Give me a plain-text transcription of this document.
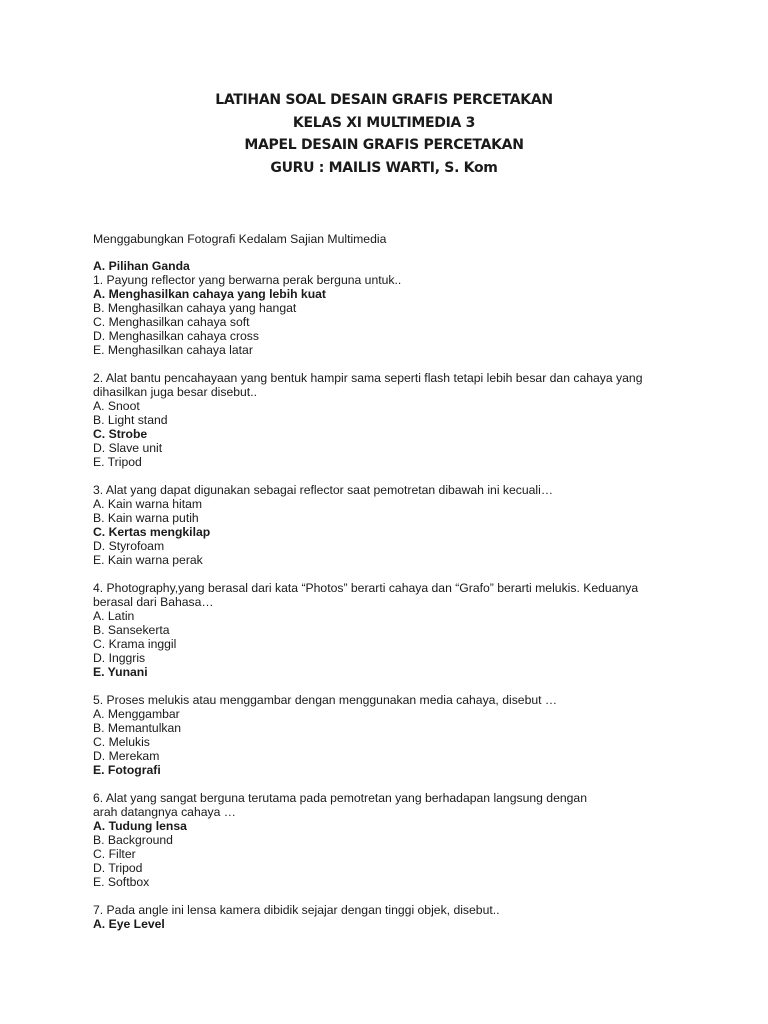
LATIHAN SOAL DESAIN GRAFIS PERCETAKAN
KELAS XI MULTIMEDIA 3
MAPEL DESAIN GRAFIS PERCETAKAN
GURU : MAILIS WARTI, S. Kom
Menggabungkan Fotografi Kedalam Sajian Multimedia
A. Pilihan Ganda
1. Payung reflector yang berwarna perak berguna untuk..
A. Menghasilkan cahaya yang lebih kuat
B. Menghasilkan cahaya yang hangat
C. Menghasilkan cahaya soft
D. Menghasilkan cahaya cross
E. Menghasilkan cahaya latar
2. Alat bantu pencahayaan yang bentuk hampir sama seperti flash tetapi lebih besar dan cahaya yang
dihasilkan juga besar disebut..
A. Snoot
B. Light stand
C. Strobe
D. Slave unit
E. Tripod
3. Alat yang dapat digunakan sebagai reflector saat pemotretan dibawah ini kecuali…
A. Kain warna hitam
B. Kain warna putih
C. Kertas mengkilap
D. Styrofoam
E. Kain warna perak
4. Photography,yang berasal dari kata “Photos” berarti cahaya dan “Grafo” berarti melukis. Keduanya
berasal dari Bahasa…
A. Latin
B. Sansekerta
C. Krama inggil
D. Inggris
E. Yunani
5. Proses melukis atau menggambar dengan menggunakan media cahaya, disebut …
A. Menggambar
B. Memantulkan
C. Melukis
D. Merekam
E. Fotografi
6. Alat yang sangat berguna terutama pada pemotretan yang berhadapan langsung dengan
arah datangnya cahaya …
A. Tudung lensa
B. Background
C. Filter
D. Tripod
E. Softbox
7. Pada angle ini lensa kamera dibidik sejajar dengan tinggi objek, disebut..
A. Eye Level
